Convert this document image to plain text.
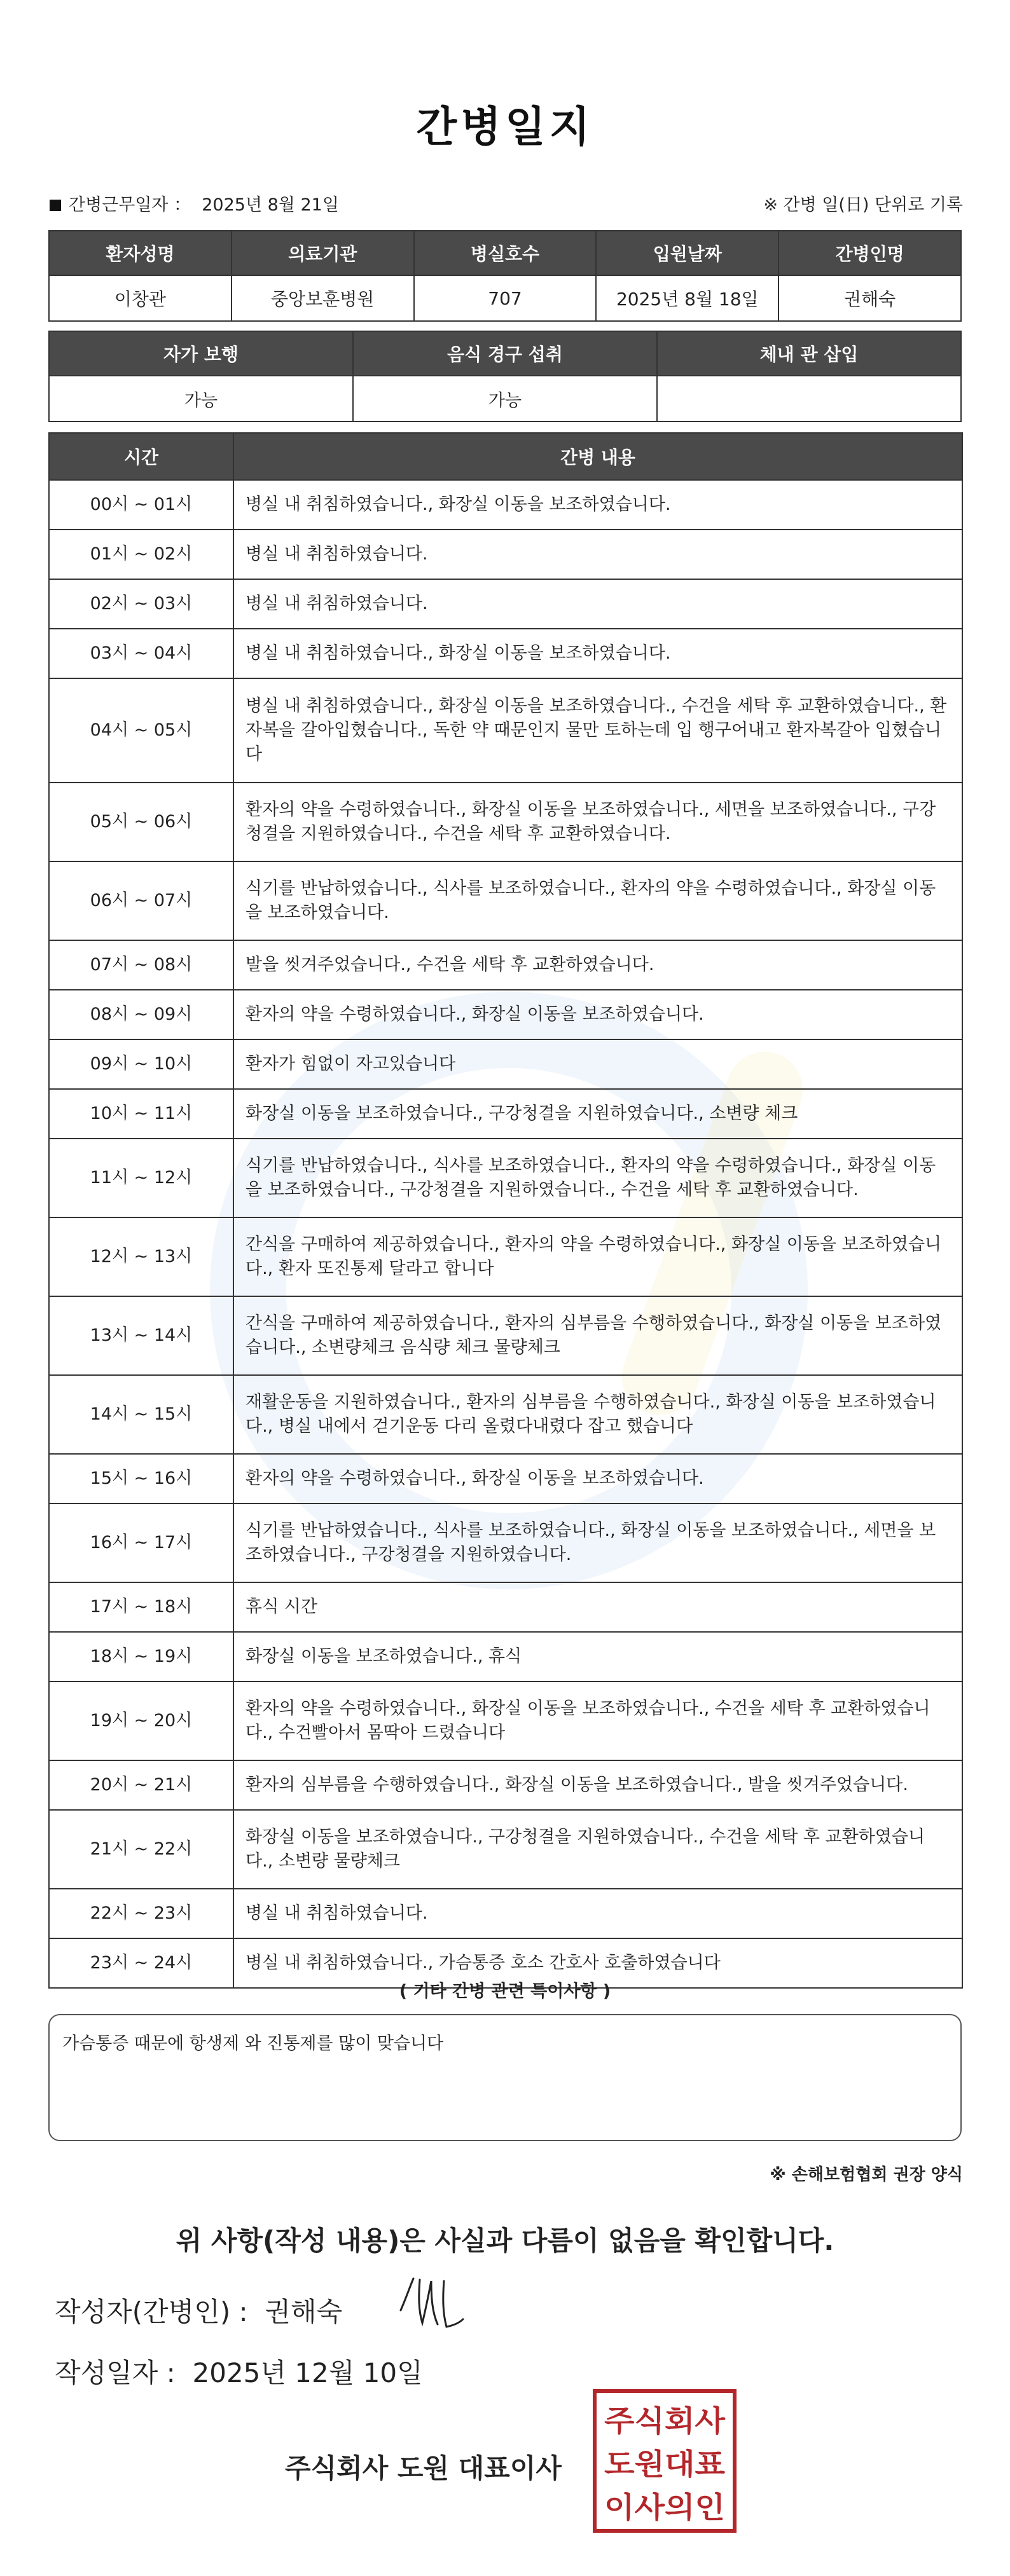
간병일지
간병근무일자 ： 2025년 8월 21일	※ 간병 일(日) 단위로 기록
환자성명	의료기관	병실호수	입원날짜	간병인명
이창관	중앙보훈병원	707	2025년 8월 18일	권해숙
자가 보행	음식 경구 섭취	체내 관 삽입
가능	가능	
시간	간병 내용
00시 ~ 01시	병실 내 취침하였습니다., 화장실 이동을 보조하였습니다.
01시 ~ 02시	병실 내 취침하였습니다.
02시 ~ 03시	병실 내 취침하였습니다.
03시 ~ 04시	병실 내 취침하였습니다., 화장실 이동을 보조하였습니다.
04시 ~ 05시	병실 내 취침하였습니다., 화장실 이동을 보조하였습니다., 수건을 세탁 후 교환하였습니다., 환자복을 갈아입혔습니다., 독한 약 때문인지 물만 토하는데 입 행구어내고 환자복갈아 입혔습니다
05시 ~ 06시	환자의 약을 수령하였습니다., 화장실 이동을 보조하였습니다., 세면을 보조하였습니다., 구강청결을 지원하였습니다., 수건을 세탁 후 교환하였습니다.
06시 ~ 07시	식기를 반납하였습니다., 식사를 보조하였습니다., 환자의 약을 수령하였습니다., 화장실 이동을 보조하였습니다.
07시 ~ 08시	발을 씻겨주었습니다., 수건을 세탁 후 교환하였습니다.
08시 ~ 09시	환자의 약을 수령하였습니다., 화장실 이동을 보조하였습니다.
09시 ~ 10시	환자가 힘없이 자고있습니다
10시 ~ 11시	화장실 이동을 보조하였습니다., 구강청결을 지원하였습니다., 소변량 체크
11시 ~ 12시	식기를 반납하였습니다., 식사를 보조하였습니다., 환자의 약을 수령하였습니다., 화장실 이동을 보조하였습니다., 구강청결을 지원하였습니다., 수건을 세탁 후 교환하였습니다.
12시 ~ 13시	간식을 구매하여 제공하였습니다., 환자의 약을 수령하였습니다., 화장실 이동을 보조하였습니다., 환자 또진통제 달라고 합니다
13시 ~ 14시	간식을 구매하여 제공하였습니다., 환자의 심부름을 수행하였습니다., 화장실 이동을 보조하였습니다., 소변량체크 음식량 체크 물량체크
14시 ~ 15시	재활운동을 지원하였습니다., 환자의 심부름을 수행하였습니다., 화장실 이동을 보조하였습니다., 병실 내에서 걷기운동 다리 올렸다내렸다 잡고 했습니다
15시 ~ 16시	환자의 약을 수령하였습니다., 화장실 이동을 보조하였습니다.
16시 ~ 17시	식기를 반납하였습니다., 식사를 보조하였습니다., 화장실 이동을 보조하였습니다., 세면을 보조하였습니다., 구강청결을 지원하였습니다.
17시 ~ 18시	휴식 시간
18시 ~ 19시	화장실 이동을 보조하였습니다., 휴식
19시 ~ 20시	환자의 약을 수령하였습니다., 화장실 이동을 보조하였습니다., 수건을 세탁 후 교환하였습니다., 수건빨아서 몸딱아 드렸습니다
20시 ~ 21시	환자의 심부름을 수행하였습니다., 화장실 이동을 보조하였습니다., 발을 씻겨주었습니다.
21시 ~ 22시	화장실 이동을 보조하였습니다., 구강청결을 지원하였습니다., 수건을 세탁 후 교환하였습니다., 소변량 물량체크
22시 ~ 23시	병실 내 취침하였습니다.
23시 ~ 24시	병실 내 취침하였습니다., 가슴통증 호소 간호사 호출하였습니다
( 기타 간병 관련 특이사항 )
가슴통증 때문에 항생제 와 진통제를 많이 맞습니다
※ 손해보험협회 권장 양식
위 사항(작성 내용)은 사실과 다름이 없음을 확인합니다.
작성자(간병인) : 권해숙
작성일자 : 2025년 12월 10일
주식회사 도원 대표이사
주식회사
도원대표
이사의인
